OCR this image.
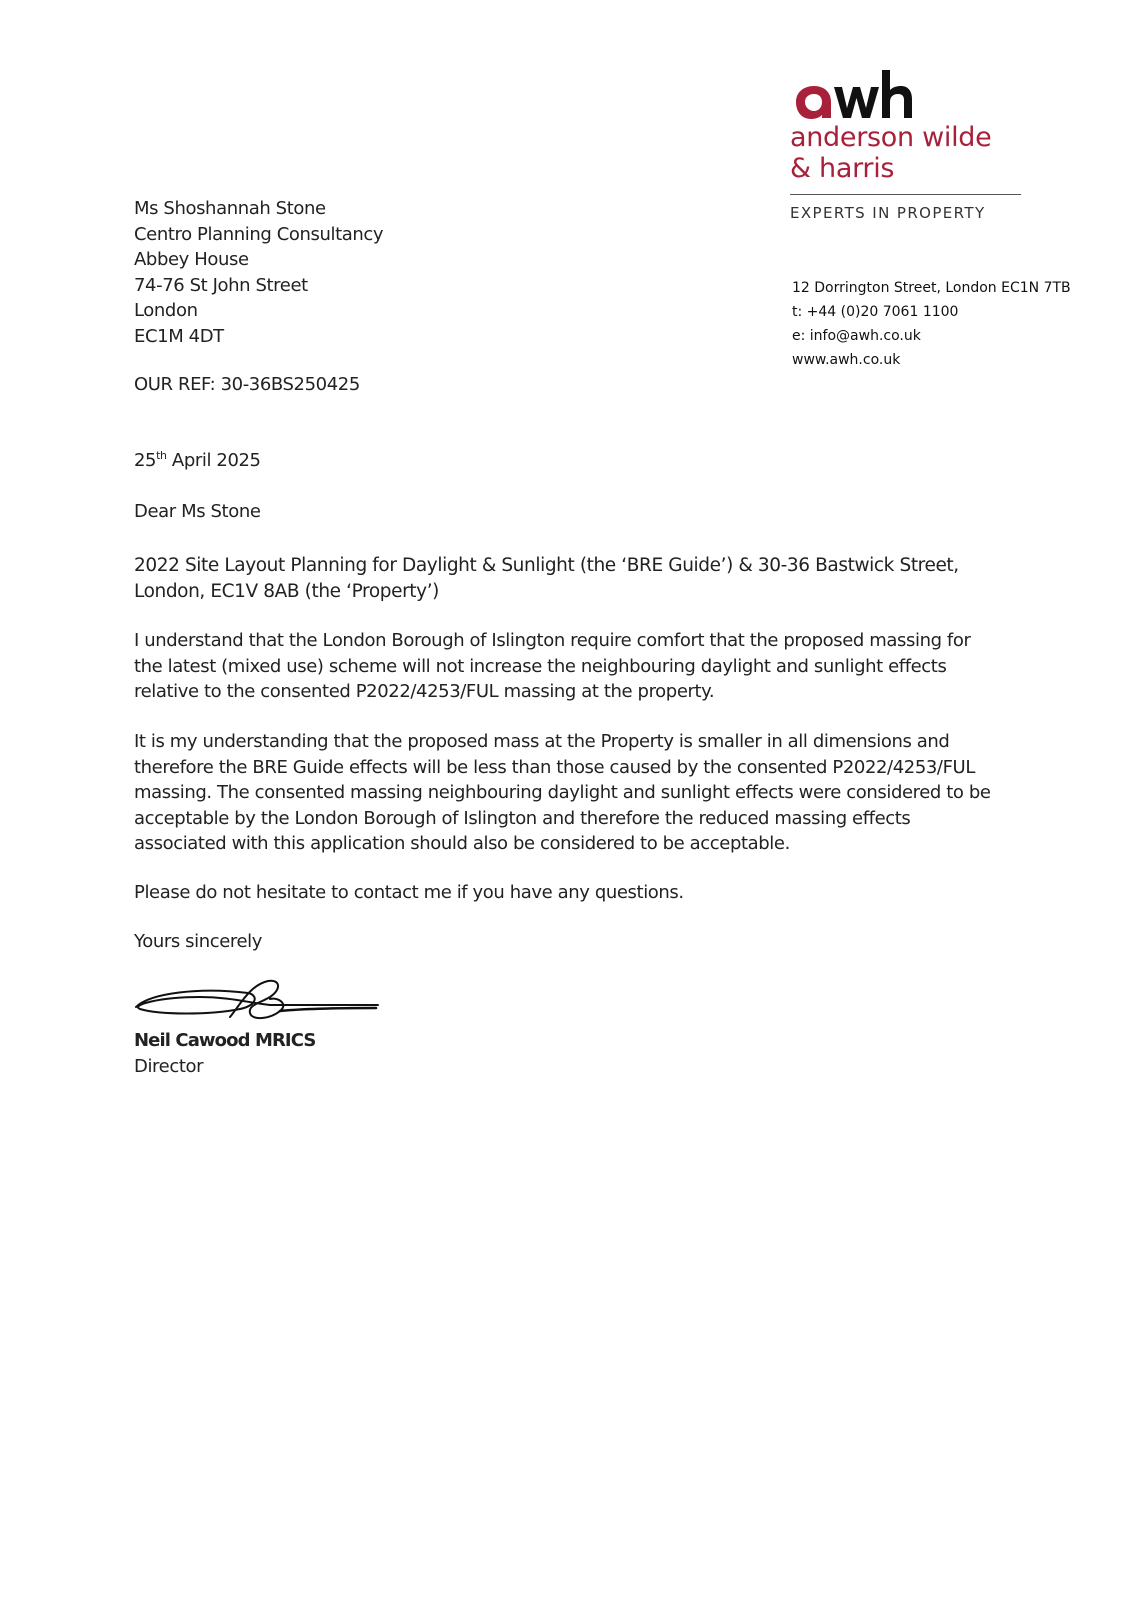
anderson wilde
& harris
EXPERTS IN PROPERTY
12 Dorrington Street, London EC1N 7TB
t: +44 (0)20 7061 1100
e: info@awh.co.uk
www.awh.co.uk
Ms Shoshannah Stone
Centro Planning Consultancy
Abbey House
74-76 St John Street
London
EC1M 4DT
OUR REF: 30-36BS250425
25th April 2025
Dear Ms Stone
2022 Site Layout Planning for Daylight & Sunlight (the ‘BRE Guide’) & 30-36 Bastwick Street, London, EC1V 8AB (the ‘Property’)
I understand that the London Borough of Islington require comfort that the proposed massing for the latest (mixed use) scheme will not increase the neighbouring daylight and sunlight effects relative to the consented P2022/4253/FUL massing at the property.
It is my understanding that the proposed mass at the Property is smaller in all dimensions and therefore the BRE Guide effects will be less than those caused by the consented P2022/4253/FUL massing. The consented massing neighbouring daylight and sunlight effects were considered to be acceptable by the London Borough of Islington and therefore the reduced massing effects associated with this application should also be considered to be acceptable.
Please do not hesitate to contact me if you have any questions.
Yours sincerely
Neil Cawood MRICS
Director
